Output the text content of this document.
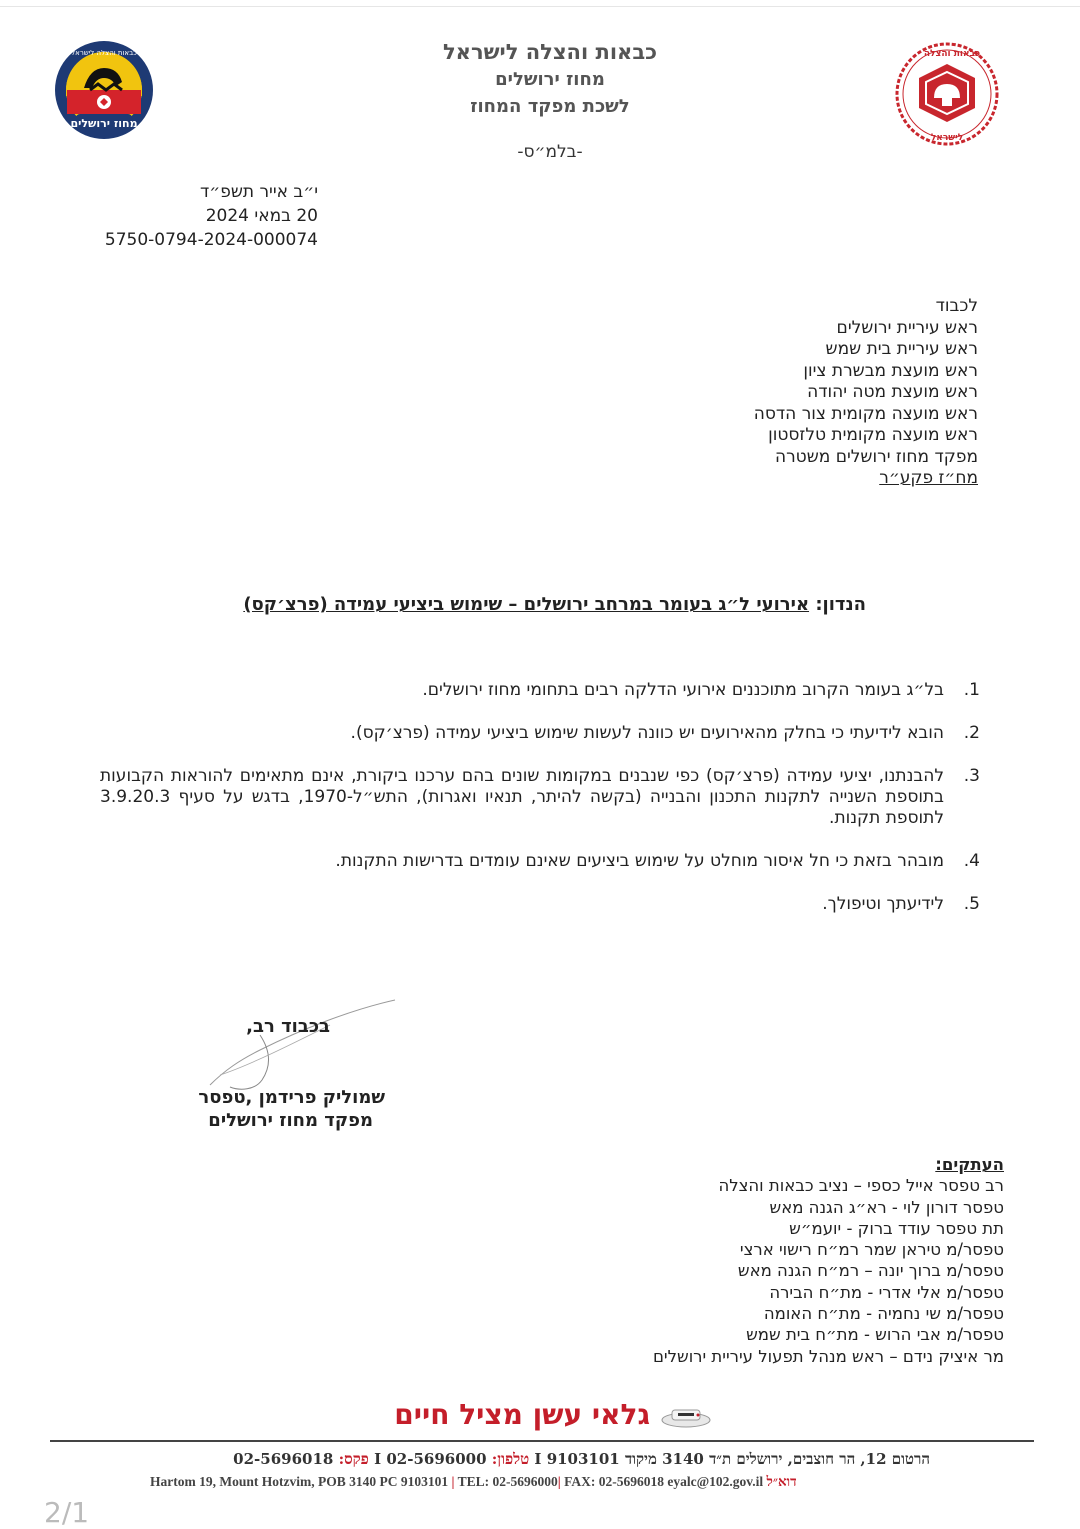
מחוז ירושלים
כבאות והצלה לישראל	כבאות והצלה
לישראל
כבאות והצלה לישראל
מחוז ירושלים
לשכת מפקד המחוז
-בלמ״ס-
י״ב אייר תשפ״ד
20 במאי 2024
5750-0794-2024-000074
לכבוד
ראש עיריית ירושלים
ראש עיריית בית שמש
ראש מועצת מבשרת ציון
ראש מועצת מטה יהודה
ראש מועצה מקומית צור הדסה
ראש מועצה מקומית טלזסטון
מפקד מחוז ירושלים משטרה
מח״ז פקע״ר
הנדון: אירועי ל״ג בעומר במרחב ירושלים – שימוש ביציעי עמידה (פרצ׳קס)
1.
בל״ג בעומר הקרוב מתוכננים אירועי הדלקה רבים בתחומי מחוז ירושלים.
2.
הובא לידיעתי כי בחלק מהאירועים יש כוונה לעשות שימוש ביציעי עמידה (פרצ׳קס).
3.
להבנתנו, יציעי עמידה (פרצ׳קס) כפי שנבנים במקומות שונים בהם ערכנו ביקורת, אינם מתאימים להוראות הקבועות בתוספת השנייה לתקנות התכנון והבנייה (בקשה להיתר, תנאיו ואגרות), התש״ל-1970, בדגש על סעיף 3.9.20.3 לתוספת תקנות.
4.
מובהר בזאת כי חל איסור מוחלט על שימוש ביציעים שאינם עומדים בדרישות התקנות.
5.
לידיעתך וטיפולך.
בכבוד רב,
שמוליק פרידמן ,טפסר
מפקד מחוז ירושלים
העתקים:
רב טפסר אייל כספי – נציב כבאות והצלה
טפסר דורון לוי - רא״ג הגנה מאש
תת טפסר עודד ברוק - יועמ״ש
טפסר/מ טיראן שמר רמ״ח רישוי ארצי
טפסר/מ ברוך יונה – רמ״ח הגנה מאש
טפסר/מ אלי אדרי - מת״ח הבירה
טפסר/מ שי נחמיה - מת״ח האומה
טפסר/מ אבי הרוש - מת״ח בית שמש
מר איציק נידם – ראש מנהל תפעול עיריית ירושלים
גלאי עשן מציל חיים
הרטום 12, הר חוצבים, ירושלים ת״ד 3140 מיקוד 9103101 I טלפון: 02-5696000 I פקס: 02-5696018
Hartom 19, Mount Hotzvim, POB 3140 PC 9103101 | TEL: 02-5696000| FAX: 02-5696018 eyalc@102.gov.il דוא״ל
2/1
